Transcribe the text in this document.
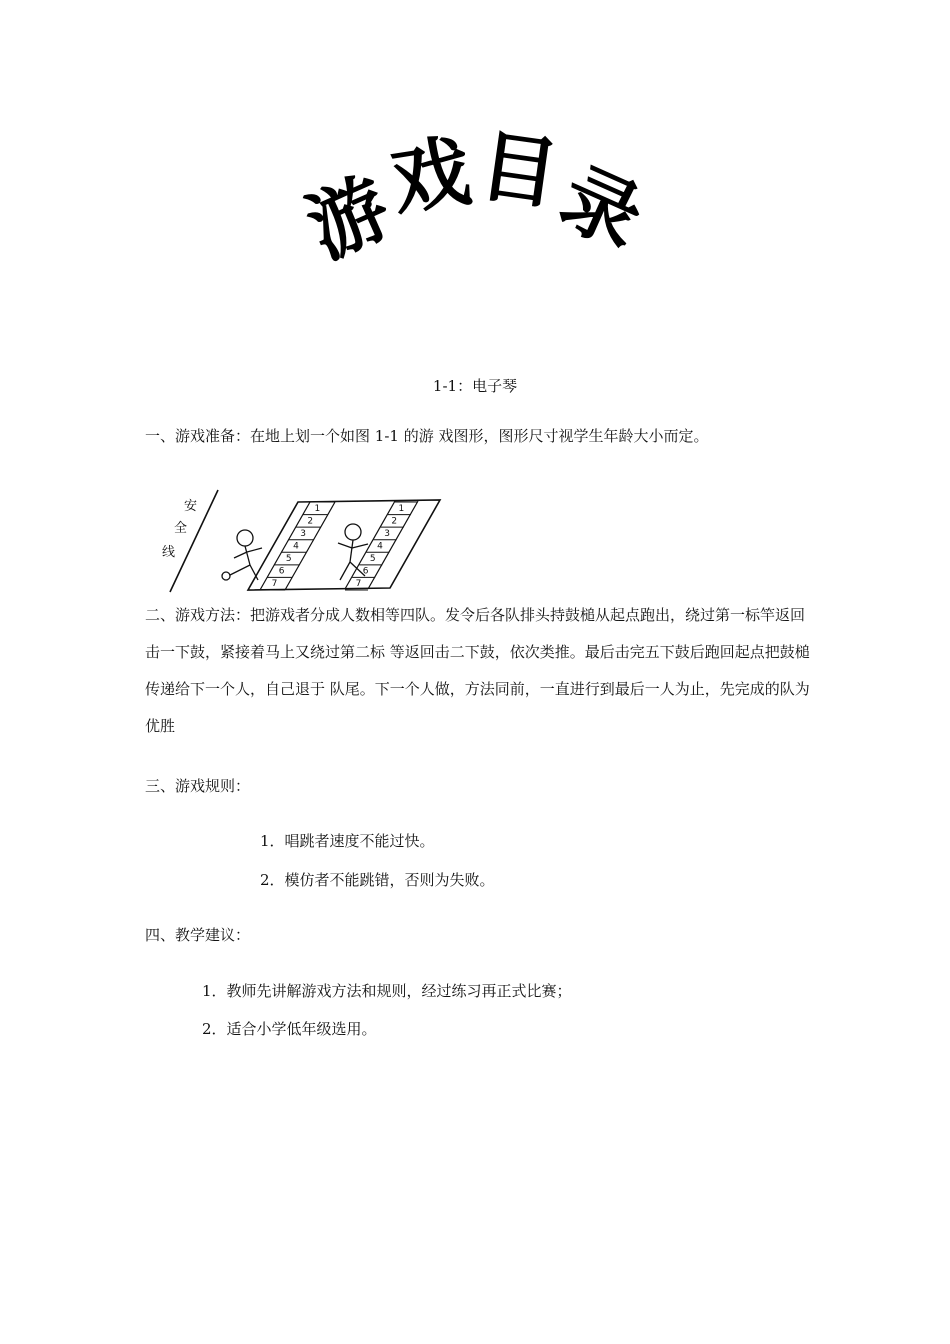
游
戏
目
录
1-1：电子琴
一、游戏准备：在地上划一个如图 1-1 的游 戏图形，图形尺寸视学生年龄大小而定。
安
全
线
1
2
3
4
5
6
7
1
2
3
4
5
6
7
二、游戏方法：把游戏者分成人数相等四队。发令后各队排头持鼓槌从起点跑出，绕过第一标竿返回击一下鼓，紧接着马上又绕过第二标 等返回击二下鼓，依次类推。最后击完五下鼓后跑回起点把鼓槌传递给下一个人，自己退于 队尾。下一个人做，方法同前，一直进行到最后一人为止，先完成的队为优胜
三、游戏规则：
1．唱跳者速度不能过快。
2．模仿者不能跳错，否则为失败。
四、教学建议：
1．教师先讲解游戏方法和规则，经过练习再正式比赛；
2．适合小学低年级选用。
